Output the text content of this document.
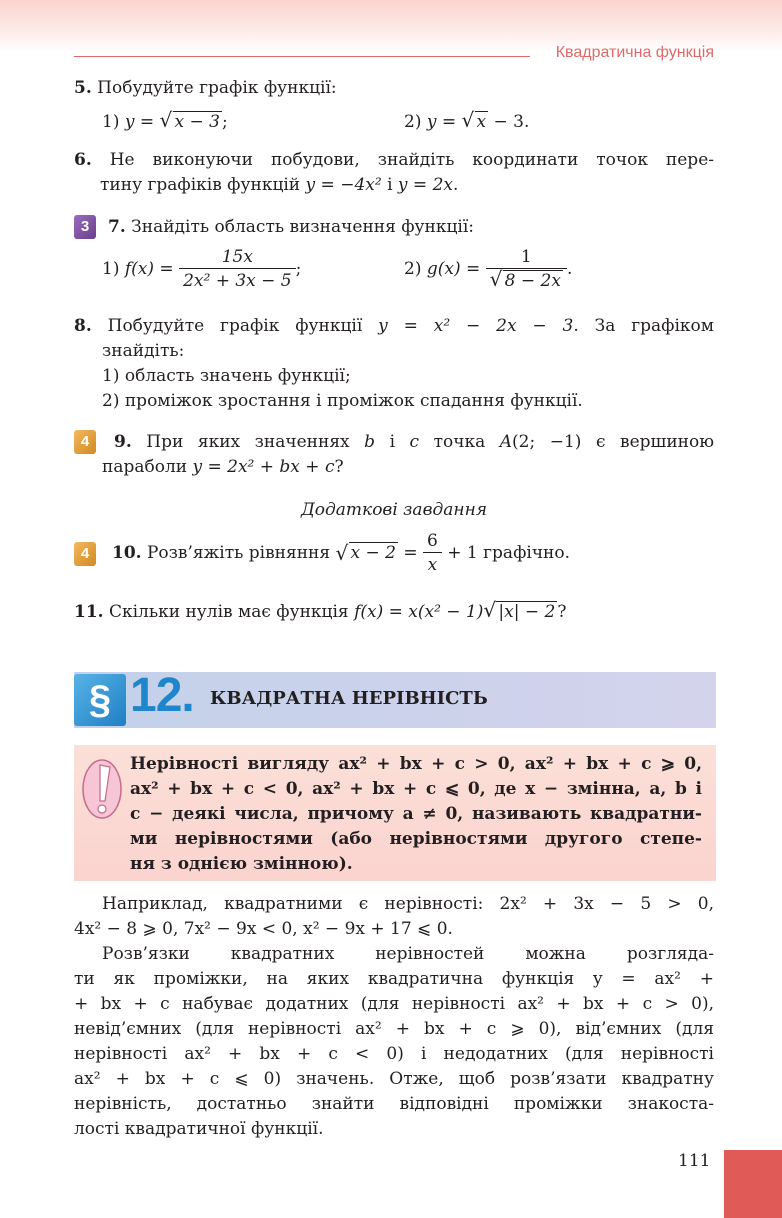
Квадратична функція
5. Побудуйте графік функції:
1) y = √ x − 3 ;	2) y = √ x − 3.
6. Не виконуючи побудови, знайдіть координати точок пере-
тину графіків функцій y = −4x² і y = 2x.
3	7. Знайдіть область визначення функції:
1) $f(x) = \frac{15x}{\text{2x² + 3x − 5}}$ ;	2) g(x) = 1
√ 8 − 2x .
8. Побудуйте графік функції y = x² − 2x − 3. За графіком
знайдіть:
1) область значень функції;
2) проміжок зростання і проміжок спадання функції.
4	9. При яких значеннях b і c точка A(2; −1) є вершиною
параболи y = 2x² + bx + c?
Додаткові завдання
4	10. Розв’яжіть рівняння √ $x - 2 = \frac{6}{x} + 1$ графічно.
11. Скільки нулів має функція f(x) = x(x² − 1)√ |x| − 2 ?
§ 12. КВАДРАТНА НЕРІВНІСТЬ
Нерівності вигляду ax² + bx + c > 0, ax² + bx + c ⩾ 0,
ax² + bx + c < 0, ax² + bx + c ⩽ 0, де x − змінна, a, b і
c − деякі числа, причому a ≠ 0, називають квадратни-
ми нерівностями (або нерівностями другого степе-
ня з однією змінною).
Наприклад, квадратними є нерівності: 2x² + 3x − 5 > 0,
4x² − 8 ⩾ 0, 7x² − 9x < 0, x² − 9x + 17 ⩽ 0.
Розв’язки квадратних нерівностей можна розгляда-
ти як проміжки, на яких квадратична функція y = ax² +
+ bx + c набуває додатних (для нерівності ax² + bx + c > 0),
невід’ємних (для нерівності ax² + bx + c ⩾ 0), від’ємних (для
нерівності ax² + bx + c < 0) і недодатних (для нерівності
ax² + bx + c ⩽ 0) значень. Отже, щоб розв’язати квадратну
нерівність, достатньо знайти відповідні проміжки знакоста-
лості квадратичної функції.
111
